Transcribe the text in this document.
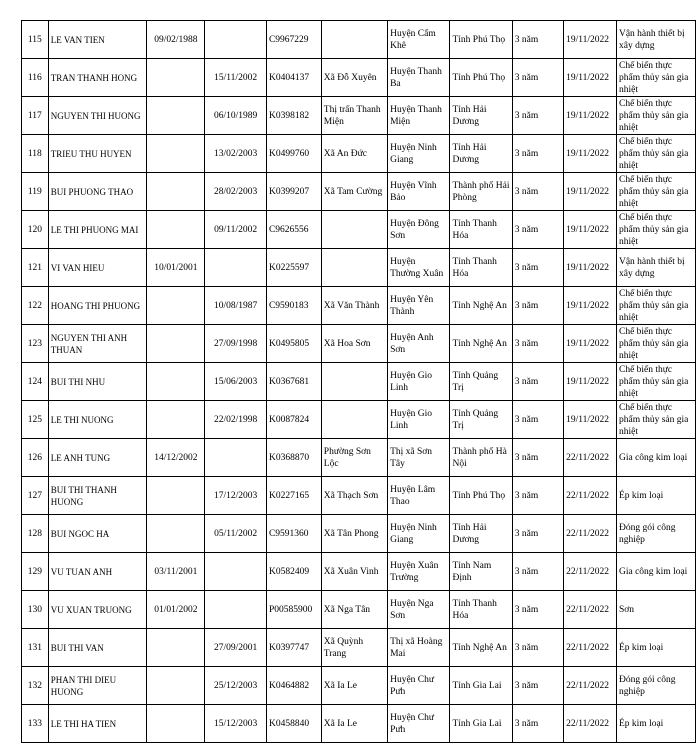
115	LE VAN TIEN	09/02/1988		C9967229		Huyện Cẩm Khê	Tỉnh Phú Thọ	3 năm	19/11/2022	Vận hành thiết bị xây dựng
116	TRAN THANH HONG		15/11/2002	K0404137	Xã Đỗ Xuyên	Huyện Thanh Ba	Tỉnh Phú Thọ	3 năm	19/11/2022	Chế biến thực phẩm thủy sản gia nhiệt
117	NGUYEN THI HUONG		06/10/1989	K0398182	Thị trấn Thanh Miện	Huyện Thanh Miện	Tỉnh Hải Dương	3 năm	19/11/2022	Chế biến thực phẩm thủy sản gia nhiệt
118	TRIEU THU HUYEN		13/02/2003	K0499760	Xã An Đức	Huyện Ninh Giang	Tỉnh Hải Dương	3 năm	19/11/2022	Chế biến thực phẩm thủy sản gia nhiệt
119	BUI PHUONG THAO		28/02/2003	K0399207	Xã Tam Cường	Huyện Vĩnh Bảo	Thành phố Hải Phòng	3 năm	19/11/2022	Chế biến thực phẩm thủy sản gia nhiệt
120	LE THI PHUONG MAI		09/11/2002	C9626556		Huyện Đông Sơn	Tỉnh Thanh Hóa	3 năm	19/11/2022	Chế biến thực phẩm thủy sản gia nhiệt
121	VI VAN HIEU	10/01/2001		K0225597		Huyện Thường Xuân	Tỉnh Thanh Hóa	3 năm	19/11/2022	Vận hành thiết bị xây dựng
122	HOANG THI PHUONG		10/08/1987	C9590183	Xã Văn Thành	Huyện Yên Thành	Tỉnh Nghệ An	3 năm	19/11/2022	Chế biến thực phẩm thủy sản gia nhiệt
123	NGUYEN THI ANH THUAN		27/09/1998	K0495805	Xã Hoa Sơn	Huyện Anh Sơn	Tỉnh Nghệ An	3 năm	19/11/2022	Chế biến thực phẩm thủy sản gia nhiệt
124	BUI THI NHU		15/06/2003	K0367681		Huyện Gio Linh	Tỉnh Quảng Trị	3 năm	19/11/2022	Chế biến thực phẩm thủy sản gia nhiệt
125	LE THI NUONG		22/02/1998	K0087824		Huyện Gio Linh	Tỉnh Quảng Trị	3 năm	19/11/2022	Chế biến thực phẩm thủy sản gia nhiệt
126	LE ANH TUNG	14/12/2002		K0368870	Phường Sơn Lộc	Thị xã Sơn Tây	Thành phố Hà Nội	3 năm	22/11/2022	Gia công kim loại
127	BUI THI THANH HUONG		17/12/2003	K0227165	Xã Thạch Sơn	Huyện Lâm Thao	Tỉnh Phú Thọ	3 năm	22/11/2022	Ép kim loại
128	BUI NGOC HA		05/11/2002	C9591360	Xã Tân Phong	Huyện Ninh Giang	Tỉnh Hải Dương	3 năm	22/11/2022	Đóng gói công nghiệp
129	VU TUAN ANH	03/11/2001		K0582409	Xã Xuân Vinh	Huyện Xuân Trường	Tỉnh Nam Định	3 năm	22/11/2022	Gia công kim loại
130	VU XUAN TRUONG	01/01/2002		P00585900	Xã Nga Tân	Huyện Nga Sơn	Tỉnh Thanh Hóa	3 năm	22/11/2022	Sơn
131	BUI THI VAN		27/09/2001	K0397747	Xã Quỳnh Trang	Thị xã Hoàng Mai	Tỉnh Nghệ An	3 năm	22/11/2022	Ép kim loại
132	PHAN THI DIEU HUONG		25/12/2003	K0464882	Xã Ia Le	Huyện Chư Pưh	Tỉnh Gia Lai	3 năm	22/11/2022	Đóng gói công nghiệp
133	LE THI HA TIEN		15/12/2003	K0458840	Xã Ia Le	Huyện Chư Pưh	Tỉnh Gia Lai	3 năm	22/11/2022	Ép kim loại
